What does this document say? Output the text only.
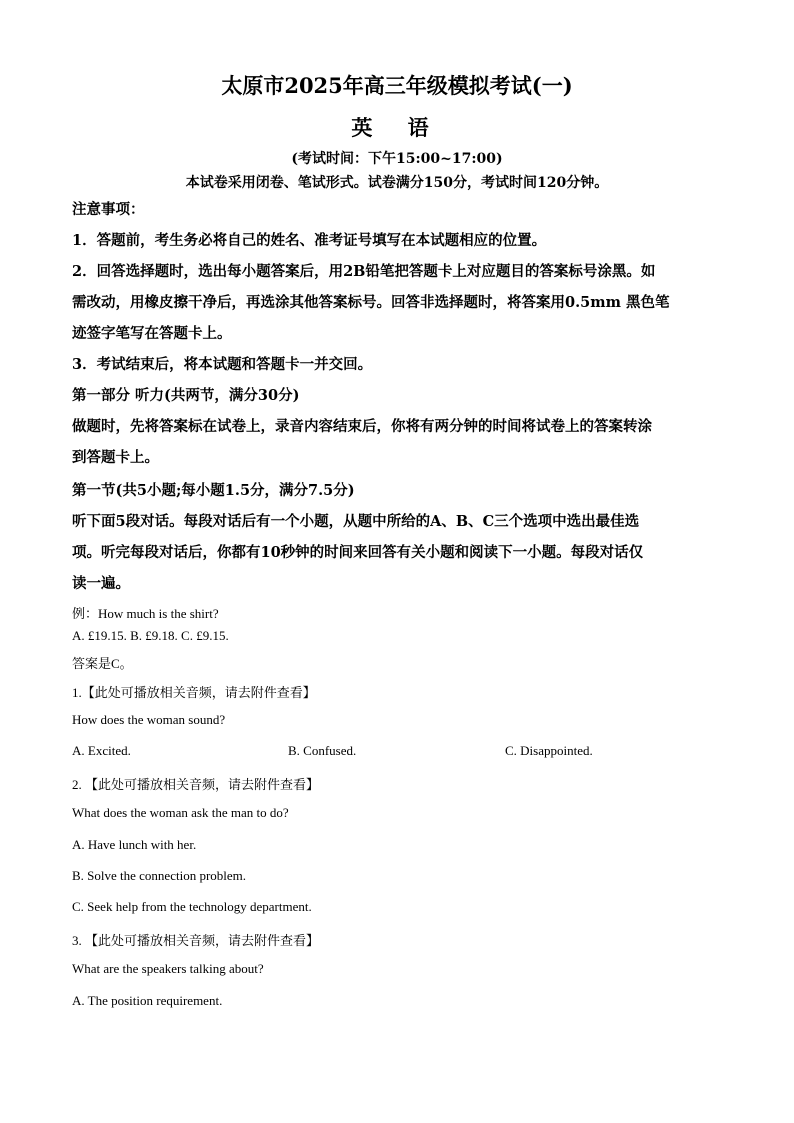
太原市2025年高三年级模拟考试(一)
英 语
(考试时间：下午15:00~17:00)
本试卷采用闭卷、笔试形式。试卷满分150分，考试时间120分钟。
注意事项：
1．答题前，考生务必将自己的姓名、准考证号填写在本试题相应的位置。
2．回答选择题时，选出每小题答案后，用2B铅笔把答题卡上对应题目的答案标号涂黑。如
需改动，用橡皮擦干净后，再选涂其他答案标号。回答非选择题时，将答案用0.5mm 黑色笔
迹签字笔写在答题卡上。
3．考试结束后，将本试题和答题卡一并交回。
第一部分 听力(共两节，满分30分)
做题时，先将答案标在试卷上，录音内容结束后，你将有两分钟的时间将试卷上的答案转涂
到答题卡上。
第一节(共5小题;每小题1.5分，满分7.5分)
听下面5段对话。每段对话后有一个小题，从题中所给的A、B、C三个选项中选出最佳选
项。听完每段对话后，你都有10秒钟的时间来回答有关小题和阅读下一小题。每段对话仅
读一遍。
例：How much is the shirt?
A. £19.15. B. £9.18. C. £9.15.
答案是C。
1.【此处可播放相关音频，请去附件查看】
How does the woman sound?
A. Excited.	B. Confused.	C. Disappointed.
2. 【此处可播放相关音频，请去附件查看】
What does the woman ask the man to do?
A. Have lunch with her.
B. Solve the connection problem.
C. Seek help from the technology department.
3. 【此处可播放相关音频，请去附件查看】
What are the speakers talking about?
A. The position requirement.
